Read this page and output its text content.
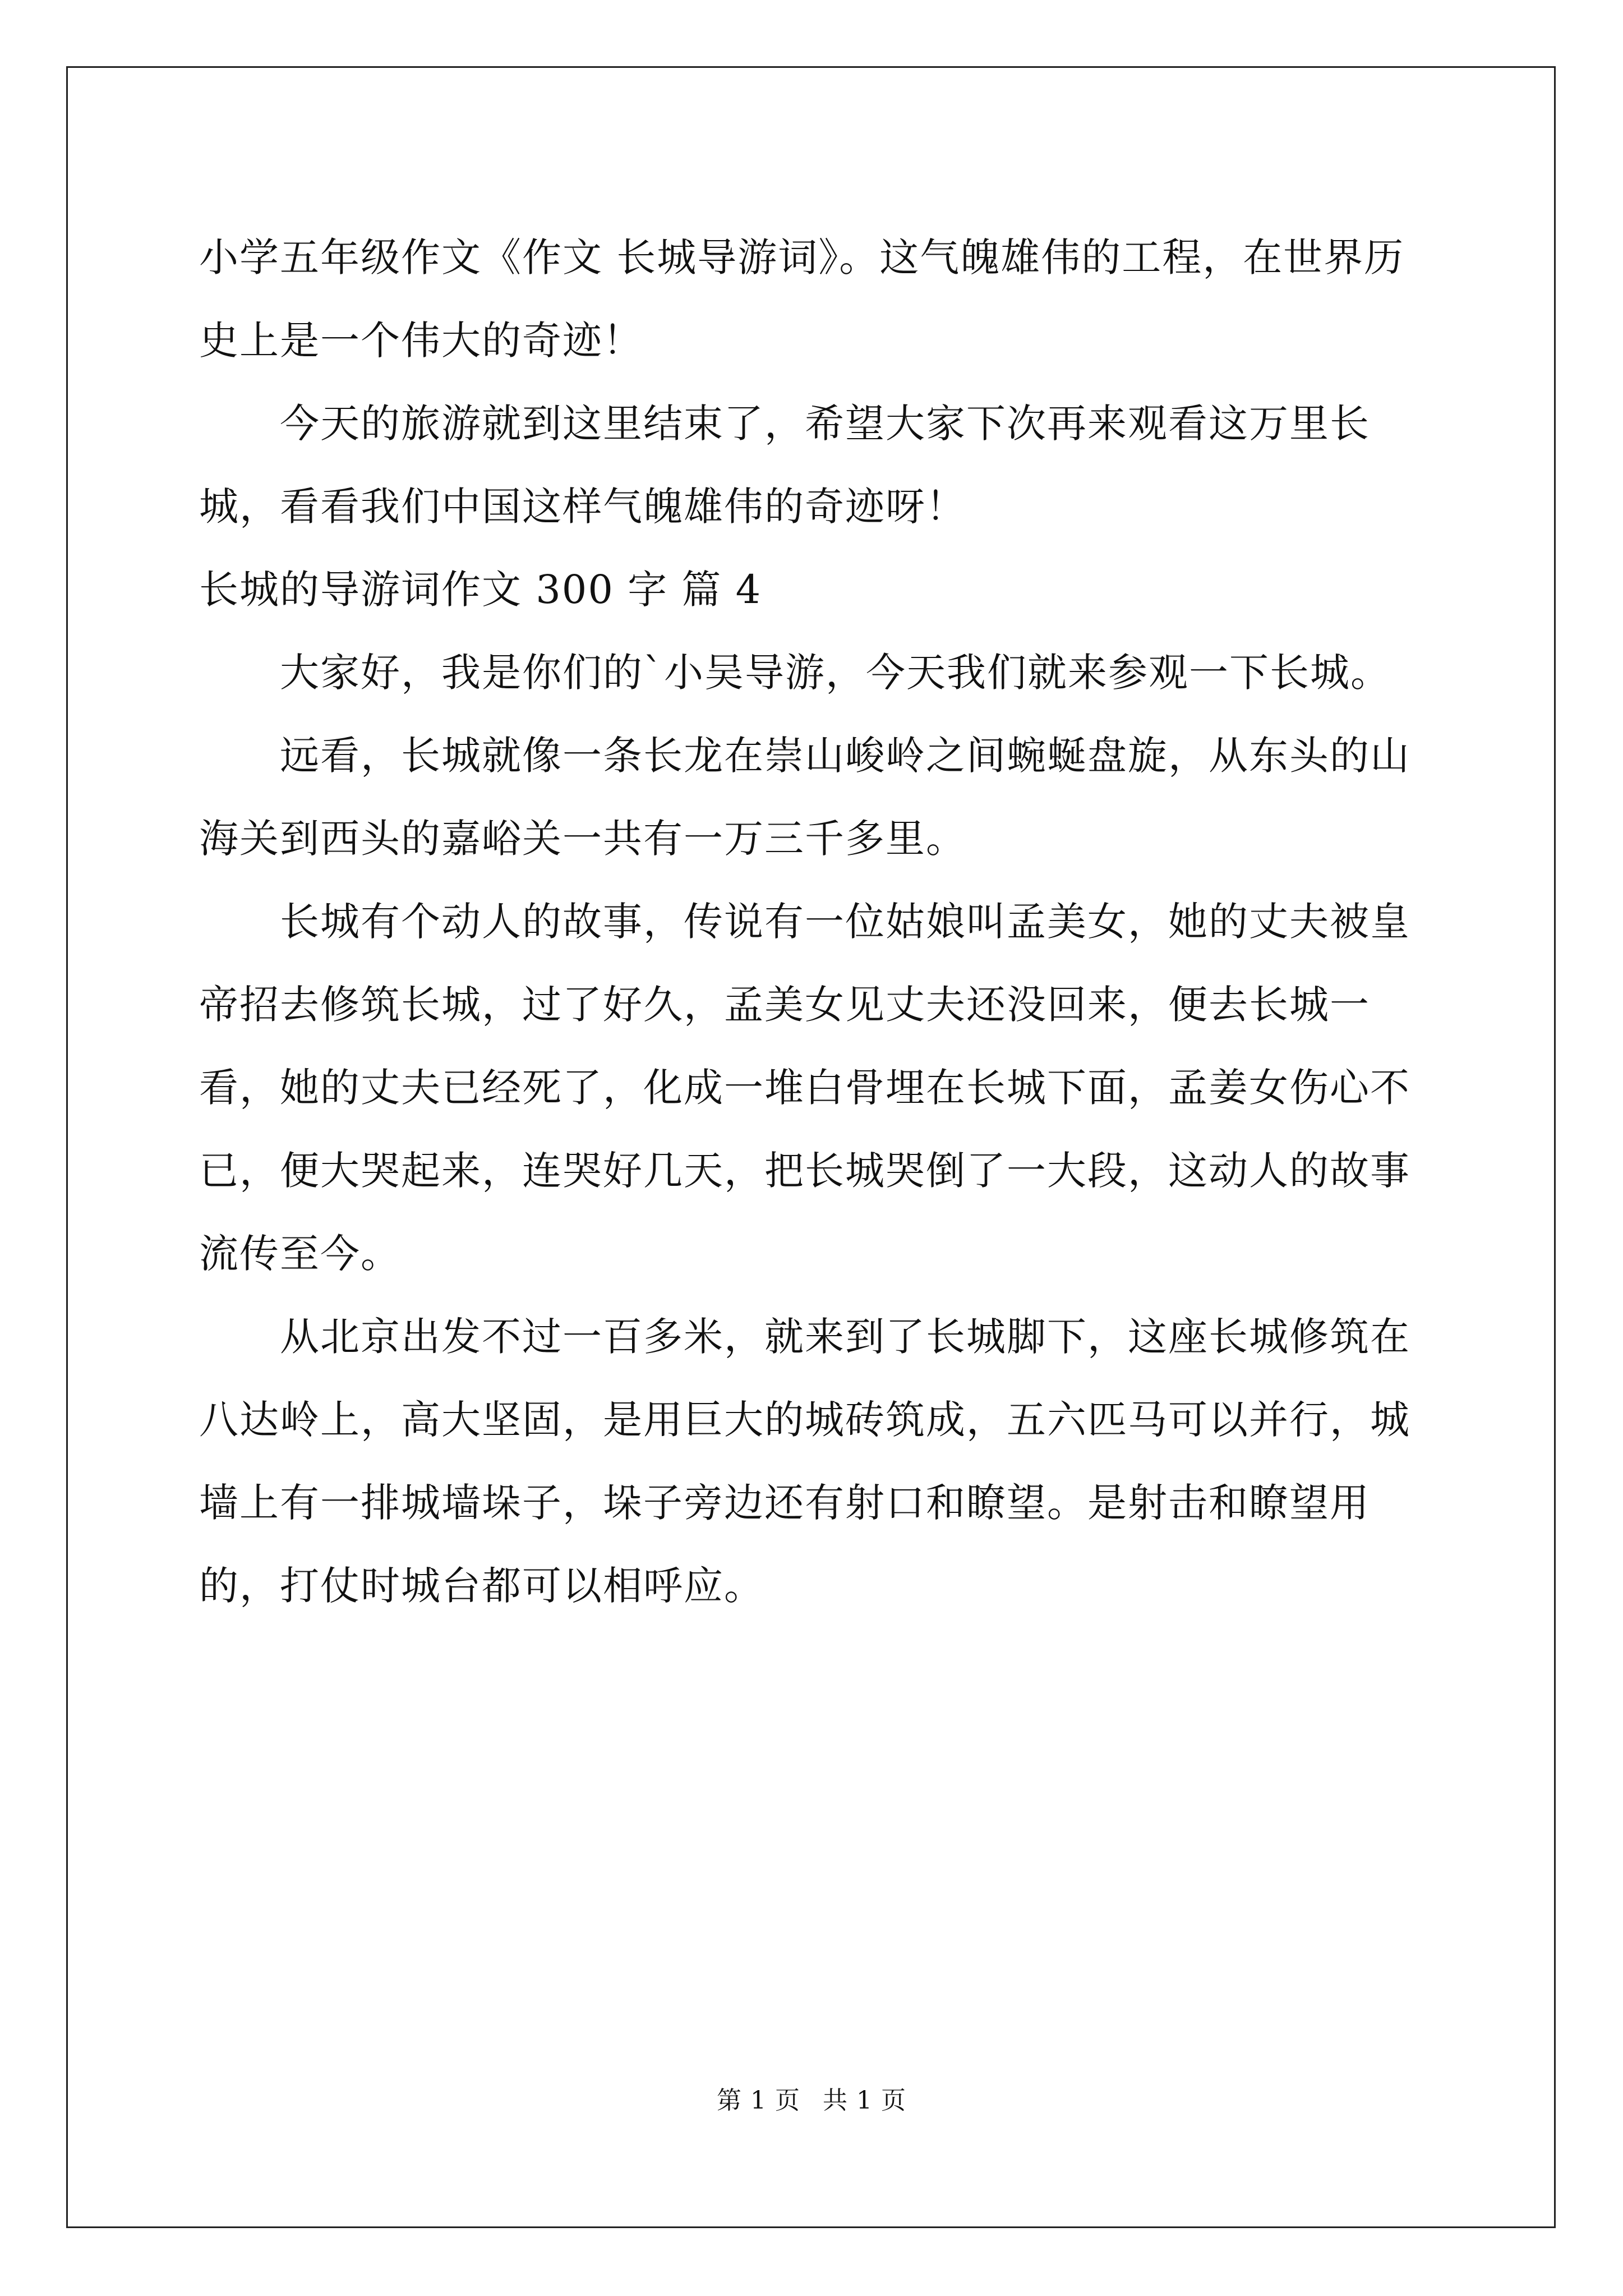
小学五年级作文《作文 长城导游词》。这气魄雄伟的工程，在世界历史上是一个伟大的奇迹！

今天的旅游就到这里结束了，希望大家下次再来观看这万里长城，看看我们中国这样气魄雄伟的奇迹呀！

长城的导游词作文 300 字 篇 4

大家好，我是你们的`小吴导游，今天我们就来参观一下长城。

远看，长城就像一条长龙在崇山峻岭之间蜿蜒盘旋，从东头的山海关到西头的嘉峪关一共有一万三千多里。

长城有个动人的故事，传说有一位姑娘叫孟美女，她的丈夫被皇帝招去修筑长城，过了好久，孟美女见丈夫还没回来，便去长城一看，她的丈夫已经死了，化成一堆白骨埋在长城下面，孟姜女伤心不已，便大哭起来，连哭好几天，把长城哭倒了一大段，这动人的故事流传至今。

从北京出发不过一百多米，就来到了长城脚下，这座长城修筑在八达岭上，高大坚固，是用巨大的城砖筑成，五六匹马可以并行，城墙上有一排城墙垛子，垛子旁边还有射口和瞭望。是射击和瞭望用的，打仗时城台都可以相呼应。

第 1 页 共 1 页
